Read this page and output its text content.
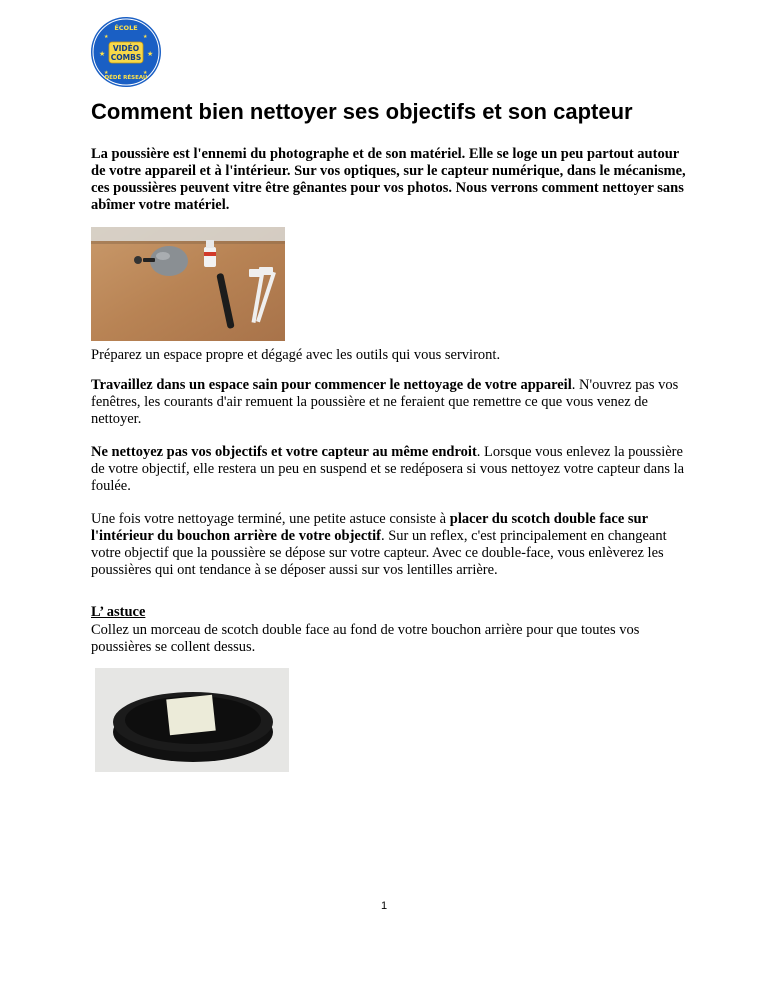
★	★
★	★
★	★
ÉCOLE
VIDÉO
COMBS
DÉDÉ RÉSEAU
Comment bien nettoyer ses objectifs et son capteur

La poussière est l'ennemi du photographe et de son matériel. Elle se loge un peu partout autour de votre appareil et à l'intérieur. Sur vos optiques, sur le capteur numérique, dans le mécanisme, ces poussières peuvent vitre être gênantes pour vos photos. Nous verrons comment nettoyer sans abîmer votre matériel.

Préparez un espace propre et dégagé avec les outils qui vous serviront.

Travaillez dans un espace sain pour commencer le nettoyage de votre appareil. N'ouvrez pas vos fenêtres, les courants d'air remuent la poussière et ne feraient que remettre ce que vous venez de nettoyer.

Ne nettoyez pas vos objectifs et votre capteur au même endroit. Lorsque vous enlevez la poussière de votre objectif, elle restera un peu en suspend et se redéposera si vous nettoyez votre capteur dans la foulée.

Une fois votre nettoyage terminé, une petite astuce consiste à placer du scotch double face sur l'intérieur du bouchon arrière de votre objectif. Sur un reflex, c'est principalement en changeant votre objectif que la poussière se dépose sur votre capteur. Avec ce double-face, vous enlèverez les poussières qui ont tendance à se déposer aussi sur vos lentilles arrière.

L’ astuce

Collez un morceau de scotch double face au fond de votre bouchon arrière pour que toutes vos poussières se collent dessus.

1
